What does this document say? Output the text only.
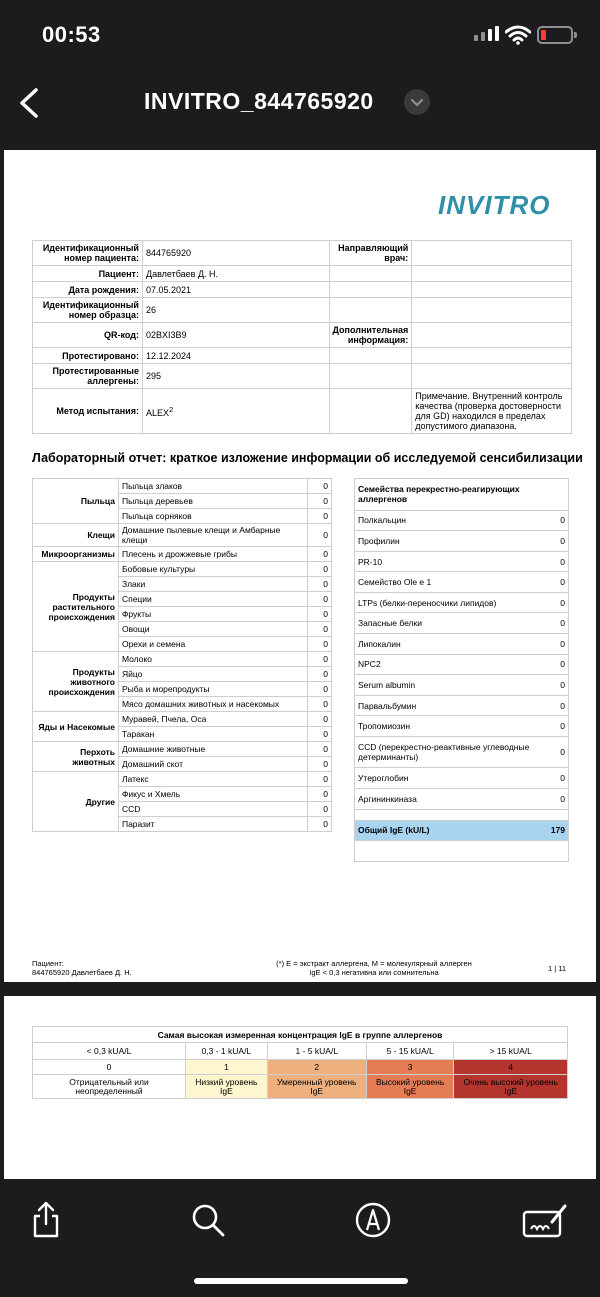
00:53
INVITRO_844765920
INVITRO
Идентификационный номер пациента:	844765920	Направляющий врач:	
Пациент:	Давлетбаев Д. Н.		
Дата рождения:	07.05.2021		
Идентификационный номер образца:	26		
QR-код:	02BXI3B9	Дополнительная информация:	
Протестировано:	12.12.2024		
Протестированные аллергены:	295		
Метод испытания:	ALEX$^2$		Примечание. Внутренний контроль качества (проверка достоверности для GD) находился в пределах допустимого диапазона.
Лабораторный отчет: краткое изложение информации об исследуемой сенсибилизации
Пыльца	Пыльца злаков	0
	Пыльца деревьев	0
	Пыльца сорняков	0
Клещи	Домашние пылевые клещи и Амбарные клещи	0
Микроорганизмы	Плесень и дрожжевые грибы	0
Продукты растительного происхождения	Бобовые культуры	0
	Злаки	0
	Специи	0
	Фрукты	0
	Овощи	0
	Орехи и семена	0
Продукты животного происхождения	Молоко	0
	Яйцо	0
	Рыба и морепродукты	0
	Мясо домашних животных и насекомых	0
Яды и Насекомые	Муравей, Пчела, Оса	0
	Таракан	0
Перхоть животных	Домашние животные	0
	Домашний скот	0
Другие	Латекс	0
	Фикус и Хмель	0
	CCD	0
	Паразит	0
Семейства перекрестно-реагирующих аллергенов	
Полкальцин	0
Профилин	0
PR-10	0
Семейство Ole e 1	0
LTPs (белки-переносчики липидов)	0
Запасные белки	0
Липокалин	0
NPC2	0
Serum albumin	0
Парвальбумин	0
Тропомиозин	0
CCD (перекрестно-реактивные углеводные детерминанты)	0
Утероглобин	0
Аргининкиназа	0

Общий IgE (kU/L)	179

Пациент:
844765920 Давлетбаев Д. Н.
(*) E = экстракт аллергена, M = молекулярный аллерген
IgE < 0,3 негативна или сомнительна	1 | 11
Самая высокая измеренная концентрация IgE в группе аллергенов				
< 0,3 kUA/L	0,3 - 1 kUA/L	1 - 5 kUA/L	5 - 15 kUA/L	> 15 kUA/L
0	1	2	3	4
Отрицательный или неопределенный	Низкий уровень IgE	Умеренный уровень IgE	Высокий уровень IgE	Очень высокий уровень IgE
